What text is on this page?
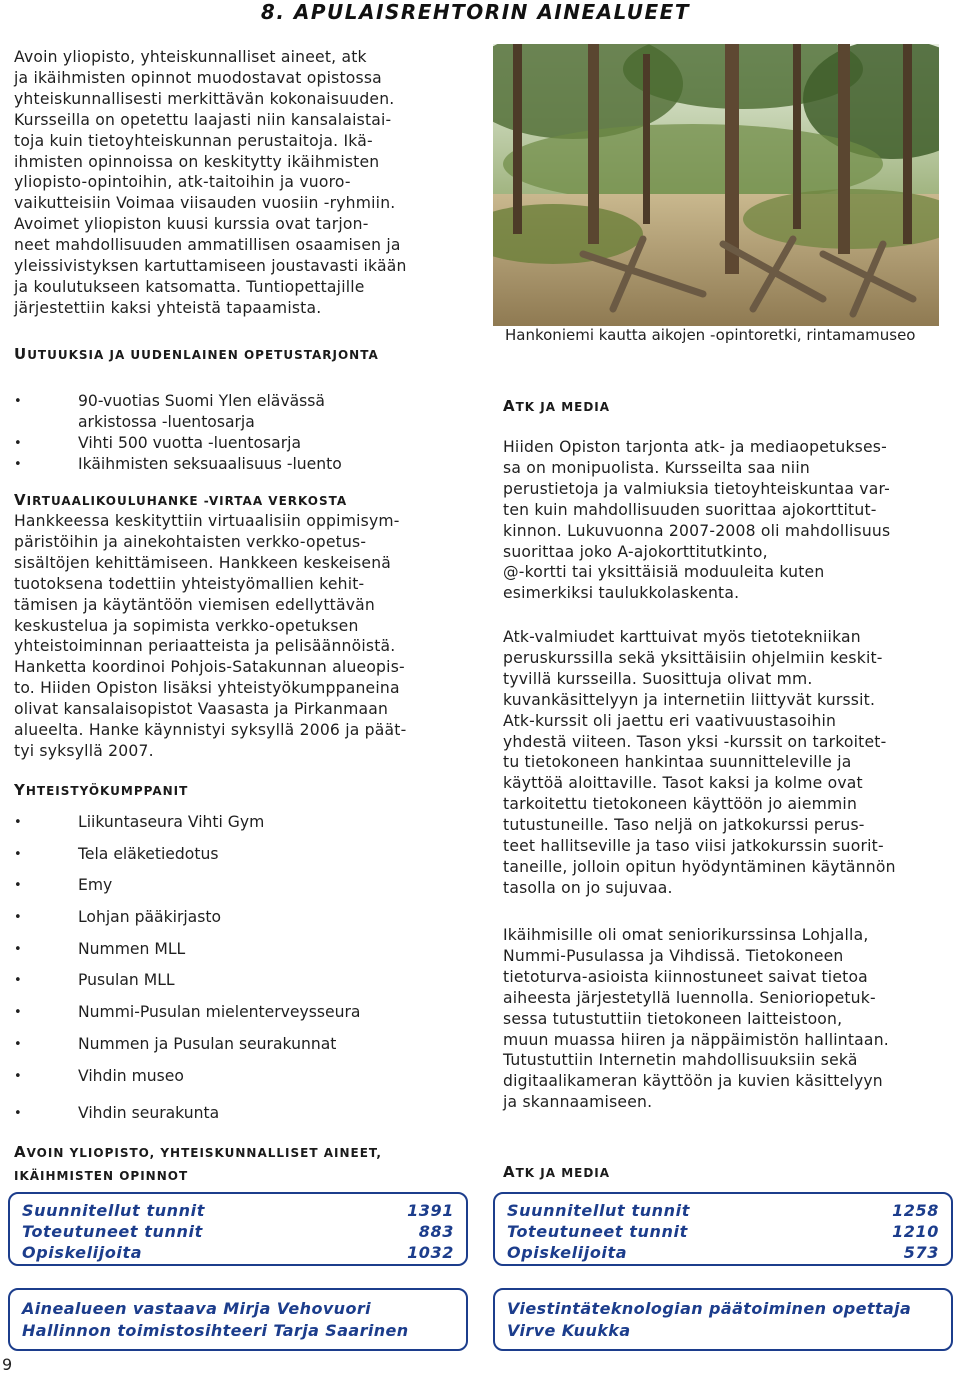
8. APULAISREHTORIN AINEALUEET

Avoin yliopisto, yhteiskunnalliset aineet, atk

ja ikäihmisten opinnot muodostavat opistossa

yhteiskunnallisesti merkittävän kokonaisuuden.

Kursseilla on opetettu laajasti niin kansalaistai-

toja kuin tietoyhteiskunnan perustaitoja. Ikä-

ihmisten opinnoissa on keskitytty ikäihmisten

yliopisto-opintoihin, atk-taitoihin ja vuoro-

vaikutteisiin Voimaa viisauden vuosiin -ryhmiin.

Avoimet yliopiston kuusi kurssia ovat tarjon-

neet mahdollisuuden ammatillisen osaamisen ja

yleissivistyksen kartuttamiseen joustavasti ikään

ja koulutukseen katsomatta. Tuntiopettajille

järjestettiin kaksi yhteistä tapaamista.

Hankoniemi kautta aikojen -opintoretki, rintamamuseo

UUTUUKSIA JA UUDENLAINEN OPETUSTARJONTA

• 90-vuotias Suomi Ylen elävässä
arkistossa -luentosarja
• Vihti 500 vuotta -luentosarja
• Ikäihmisten seksuaalisuus -luento

VIRTUAALIKOULUHANKE -VIRTAA VERKOSTA

Hankkeessa keskityttiin virtuaalisiin oppimisym-

päristöihin ja ainekohtaisten verkko-opetus-

sisältöjen kehittämiseen. Hankkeen keskeisenä

tuotoksena todettiin yhteistyömallien kehit-

tämisen ja käytäntöön viemisen edellyttävän

keskustelua ja sopimista verkko-opetuksen

yhteistoiminnan periaatteista ja pelisäännöistä.

Hanketta koordinoi Pohjois-Satakunnan alueopis-

to. Hiiden Opiston lisäksi yhteistyökumppaneina

olivat kansalaisopistot Vaasasta ja Pirkanmaan

alueelta. Hanke käynnistyi syksyllä 2006 ja päät-

tyi syksyllä 2007.

YHTEISTYÖKUMPPANIT

• Liikuntaseura Vihti Gym
• Tela eläketiedotus
• Emy
• Lohjan pääkirjasto
• Nummen MLL
• Pusulan MLL
• Nummi-Pusulan mielenterveysseura
• Nummen ja Pusulan seurakunnat
• Vihdin museo
• Vihdin seurakunta

AVOIN YLIOPISTO, YHTEISKUNNALLISET AINEET,
IKÄIHMISTEN OPINNOT

Suunnitellut tunnit	1391
Toteutuneet tunnit	883
Opiskelijoita	1032

ATK JA MEDIA

Hiiden Opiston tarjonta atk- ja mediaopetukses-

sa on monipuolista. Kursseilta saa niin

perustietoja ja valmiuksia tietoyhteiskuntaa var-

ten kuin mahdollisuuden suorittaa ajokorttitut-

kinnon. Lukuvuonna 2007-2008 oli mahdollisuus

suorittaa joko A-ajokorttitutkinto,

@-kortti tai yksittäisiä moduuleita kuten

esimerkiksi taulukkolaskenta.

Atk-valmiudet karttuivat myös tietotekniikan

peruskurssilla sekä yksittäisiin ohjelmiin keskit-

tyvillä kursseilla. Suosittuja olivat mm.

kuvankäsittelyyn ja internetiin liittyvät kurssit.

Atk-kurssit oli jaettu eri vaativuustasoihin

yhdestä viiteen. Tason yksi -kurssit on tarkoitet-

tu tietokoneen hankintaa suunnitteleville ja

käyttöä aloittaville. Tasot kaksi ja kolme ovat

tarkoitettu tietokoneen käyttöön jo aiemmin

tutustuneille. Taso neljä on jatkokurssi perus-

teet hallitseville ja taso viisi jatkokurssin suorit-

taneille, jolloin opitun hyödyntäminen käytännön

tasolla on jo sujuvaa.

Ikäihmisille oli omat seniorikurssinsa Lohjalla,

Nummi-Pusulassa ja Vihdissä. Tietokoneen

tietoturva-asioista kiinnostuneet saivat tietoa

aiheesta järjestetyllä luennolla. Senioriopetuk-

sessa tutustuttiin tietokoneen laitteistoon,

muun muassa hiiren ja näppäimistön hallintaan.

Tutustuttiin Internetin mahdollisuuksiin sekä

digitaalikameran käyttöön ja kuvien käsittelyyn

ja skannaamiseen.

ATK JA MEDIA

Suunnitellut tunnit	1258
Toteutuneet tunnit	1210
Opiskelijoita	573
Ainealueen vastaava Mirja Vehovuori
Hallinnon toimistosihteeri Tarja Saarinen
Viestintäteknologian päätoiminen opettaja
Virve Kuukka
9
